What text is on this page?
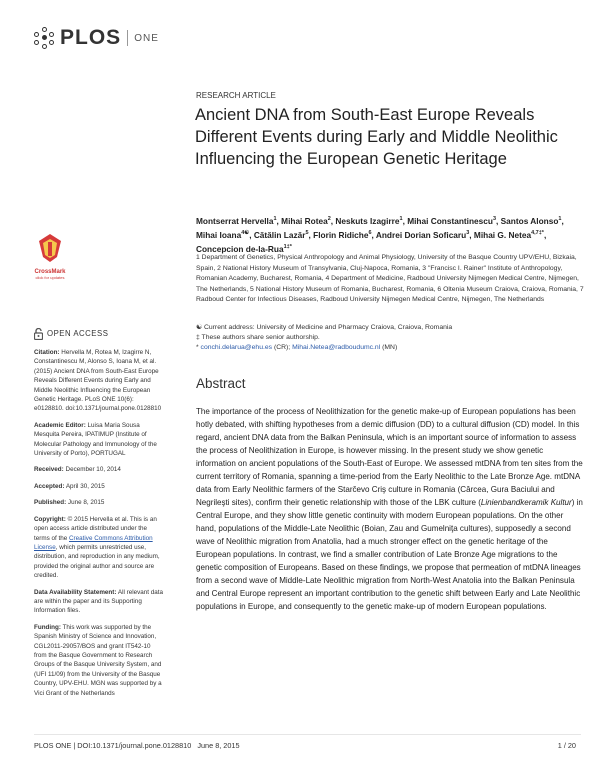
PLOS ONE
RESEARCH ARTICLE
Ancient DNA from South-East Europe Reveals Different Events during Early and Middle Neolithic Influencing the European Genetic Heritage
Montserrat Hervella$^1$, Mihai Rotea$^2$, Neskuts Izagirre$^1$, Mihai Constantinescu$^3$, Santos Alonso$^1$, Mihai Ioana$^{4☯}$, Cătălin Lazăr$^5$, Florin Ridiche$^6$, Andrei Dorian Soficaru$^3$, Mihai G. Netea$^{4,7\ddagger*}$, Concepcion de-la-Rua$^{1\ddagger*}$
1 Department of Genetics, Physical Anthropology and Animal Physiology, University of the Basque Country UPV/EHU, Bizkaia, Spain, 2 National History Museum of Transylvania, Cluj-Napoca, Romania, 3 "Francisc I. Rainer" Institute of Anthropology, Romanian Academy, Bucharest, Romania, 4 Department of Medicine, Radboud University Nijmegen Medical Centre, Nijmegen, The Netherlands, 5 National History Museum of Romania, Bucharest, Romania, 6 Oltenia Museum Craiova, Craiova, Romania, 7 Radboud Center for Infectious Diseases, Radboud University Nijmegen Medical Centre, Nijmegen, The Netherlands
☯ Current address: University of Medicine and Pharmacy Craiova, Craiova, Romania
‡ These authors share senior authorship.
* conchi.delarua@ehu.es (CR); Mihai.Netea@radboudumc.nl (MN)
CrossMark
click for updates
OPEN ACCESS
Citation: Hervella M, Rotea M, Izagirre N, Constantinescu M, Alonso S, Ioana M, et al. (2015) Ancient DNA from South-East Europe Reveals Different Events during Early and Middle Neolithic Influencing the European Genetic Heritage. PLoS ONE 10(6): e0128810. doi:10.1371/journal.pone.0128810
Academic Editor: Luisa Maria Sousa Mesquita Pereira, IPATIMUP (Institute of Molecular Pathology and Immunology of the University of Porto), PORTUGAL
Received: December 10, 2014
Accepted: April 30, 2015
Published: June 8, 2015
Copyright: © 2015 Hervella et al. This is an open access article distributed under the terms of the Creative Commons Attribution License, which permits unrestricted use, distribution, and reproduction in any medium, provided the original author and source are credited.
Data Availability Statement: All relevant data are within the paper and its Supporting Information files.
Funding: This work was supported by the Spanish Ministry of Science and Innovation, CGL2011-29057/BOS and grant IT542-10 from the Basque Government to Research Groups of the Basque University System, and (UFI 11/09) from the University of the Basque Country, UPV-EHU. MGN was supported by a Vici Grant of the Netherlands
Abstract

The importance of the process of Neolithization for the genetic make-up of European populations has been hotly debated, with shifting hypotheses from a demic diffusion (DD) to a cultural diffusion (CD) model. In this regard, ancient DNA data from the Balkan Peninsula, which is an important source of information to assess the process of Neolithization in Europe, is however missing. In the present study we show genetic information on ancient populations of the South-East of Europe. We assessed mtDNA from ten sites from the current territory of Romania, spanning a time-period from the Early Neolithic to the Late Bronze Age. mtDNA data from Early Neolithic farmers of the Starčevo Criş culture in Romania (Cârcea, Gura Baciului and Negrileşti sites), confirm their genetic relationship with those of the LBK culture (Linienbandkeramik Kultur) in Central Europe, and they show little genetic continuity with modern European populations. On the other hand, populations of the Middle-Late Neolithic (Boian, Zau and Gumelniţa cultures), supposedly a second wave of Neolithic migration from Anatolia, had a much stronger effect on the genetic heritage of the European populations. In contrast, we find a smaller contribution of Late Bronze Age migrations to the genetic composition of Europeans. Based on these findings, we propose that permeation of mtDNA lineages from a second wave of Middle-Late Neolithic migration from North-West Anatolia into the Balkan Peninsula and Central Europe represent an important contribution to the genetic shift between Early and Late Neolithic populations in Europe, and consequently to the genetic make-up of modern European populations.

PLOS ONE | DOI:10.1371/journal.pone.0128810   June 8, 2015	1 / 20
